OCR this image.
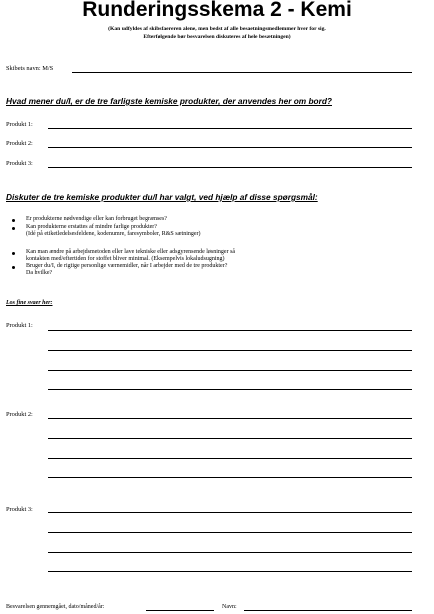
Runderingsskema 2 - Kemi
(Kan udfyldes af skibsfaereren alene, men bedst af alle besaetningsmedlemmer hver for sig.
Efterfølgende bør besvarelsen diskuteres af hele besætningen)
Skibets navn: M/S
Hvad mener du/I, er de tre farligste kemiske produkter, der anvendes her om bord?
Produkt 1:
Produkt 2:
Produkt 3:
Diskuter de tre kemiske produkter du/I har valgt, ved hjælp af disse spørgsmål:
Er produkterne nødvendige eller kan forbruget begrænses?
Kan produkterne erstattes af mindre farlige produkter?
(Idé på etiketledelsesfeldene, kodenumre, faresymboler, R&S sætninger)
Kan man ændre på arbejdsmetoden eller lave tekniske eller adsgyrensende løsninger så
kontakten med/eftertiden for stoffet bliver minimal. (Eksempelvis lokaludsugning)
Bruger du/I, de rigtige personlige værnemidler, når I arbejder med de tre produkter?
Da hvilke?
Los fine svaer her:
Produkt 1:
Produkt 2:
Produkt 3:
Besvarelsen gennemgået, dato/måned/år:	Navn:
